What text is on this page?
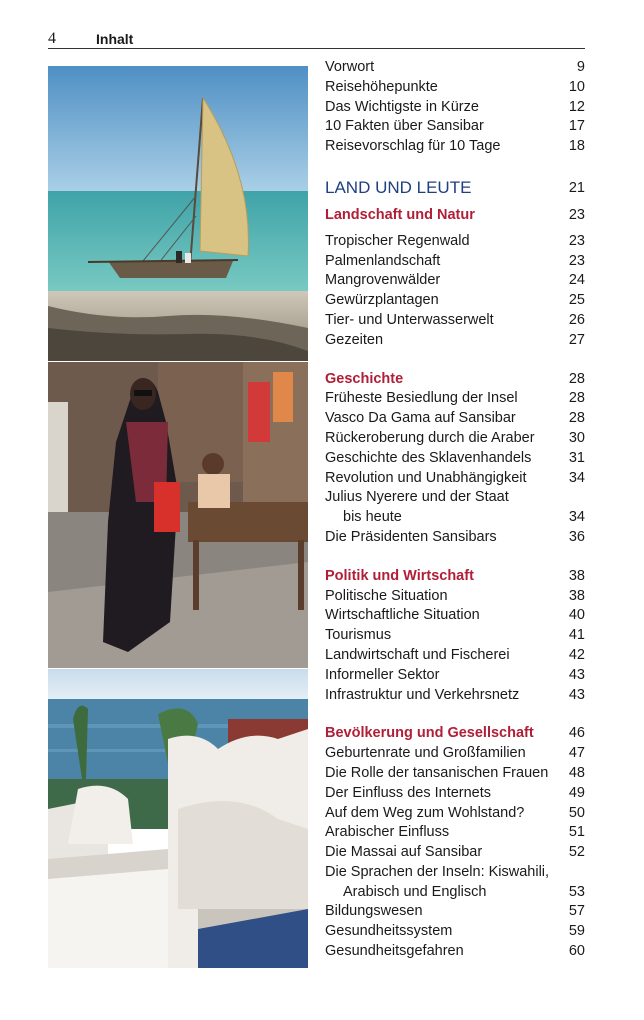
4	Inhalt
Vorwort	9
Reisehöhepunkte	10
Das Wichtigste in Kürze	12
10 Fakten über Sansibar	17
Reisevorschlag für 10 Tage	18
LAND UND LEUTE	21
Landschaft und Natur	23
Tropischer Regenwald	23
Palmenlandschaft	23
Mangrovenwälder	24
Gewürzplantagen	25
Tier- und Unterwasserwelt	26
Gezeiten	27
Geschichte	28
Früheste Besiedlung der Insel	28
Vasco Da Gama auf Sansibar	28
Rückeroberung durch die Araber 30
Geschichte des Sklavenhandels	31
Revolution und Unabhängigkeit	34
Julius Nyerere und der Staat
bis heute	34
Die Präsidenten Sansibars	36
Politik und Wirtschaft	38
Politische Situation	38
Wirtschaftliche Situation	40
Tourismus	41
Landwirtschaft und Fischerei	42
Informeller Sektor	43
Infrastruktur und Verkehrsnetz	43
Bevölkerung und Gesellschaft 46
Geburtenrate und Großfamilien	47
Die Rolle der tansanischen Frauen 48
Der Einfluss des Internets	49
Auf dem Weg zum Wohlstand?	50
Arabischer Einfluss	51
Die Massai auf Sansibar	52
Die Sprachen der Inseln: Kiswahili,
Arabisch und Englisch	53
Bildungswesen	57
Gesundheitssystem	59
Gesundheitsgefahren	60
